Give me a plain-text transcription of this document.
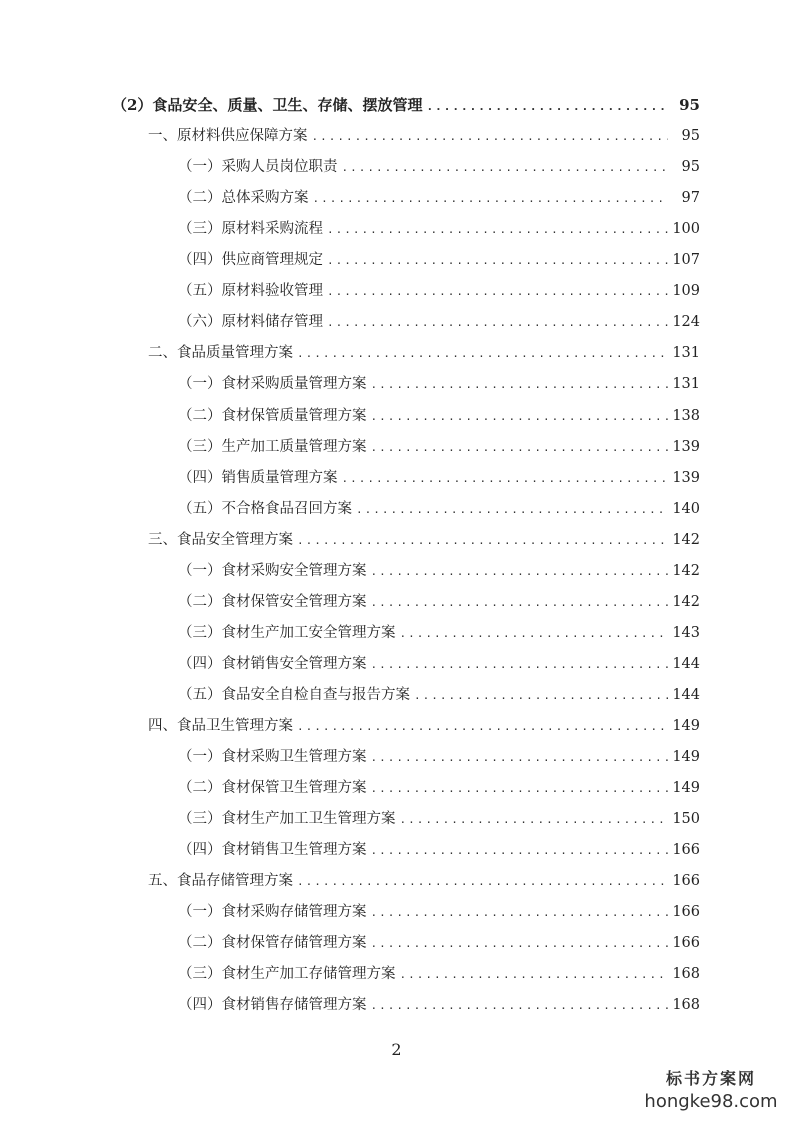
（2）食品安全、质量、卫生、存储、摆放管理 .....	95
一、原材料供应保障方案 .....	95
（一）采购人员岗位职责 .....	95
（二）总体采购方案 .....	97
（三）原材料采购流程 .....	100
（四）供应商管理规定 .....	107
（五）原材料验收管理 .....	109
（六）原材料储存管理 .....	124
二、食品质量管理方案 .....	131
（一）食材采购质量管理方案 .....	131
（二）食材保管质量管理方案 .....	138
（三）生产加工质量管理方案 .....	139
（四）销售质量管理方案 .....	139
（五）不合格食品召回方案 .....	140
三、食品安全管理方案 .....	142
（一）食材采购安全管理方案 .....	142
（二）食材保管安全管理方案 .....	142
（三）食材生产加工安全管理方案 .....	143
（四）食材销售安全管理方案 .....	144
（五）食品安全自检自查与报告方案 .....	144
四、食品卫生管理方案 .....	149
（一）食材采购卫生管理方案 .....	149
（二）食材保管卫生管理方案 .....	149
（三）食材生产加工卫生管理方案 .....	150
（四）食材销售卫生管理方案 .....	166
五、食品存储管理方案 .....	166
（一）食材采购存储管理方案 .....	166
（二）食材保管存储管理方案 .....	166
（三）食材生产加工存储管理方案 .....	168
（四）食材销售存储管理方案 .....	168
2
标书方案网
hongke98.com
